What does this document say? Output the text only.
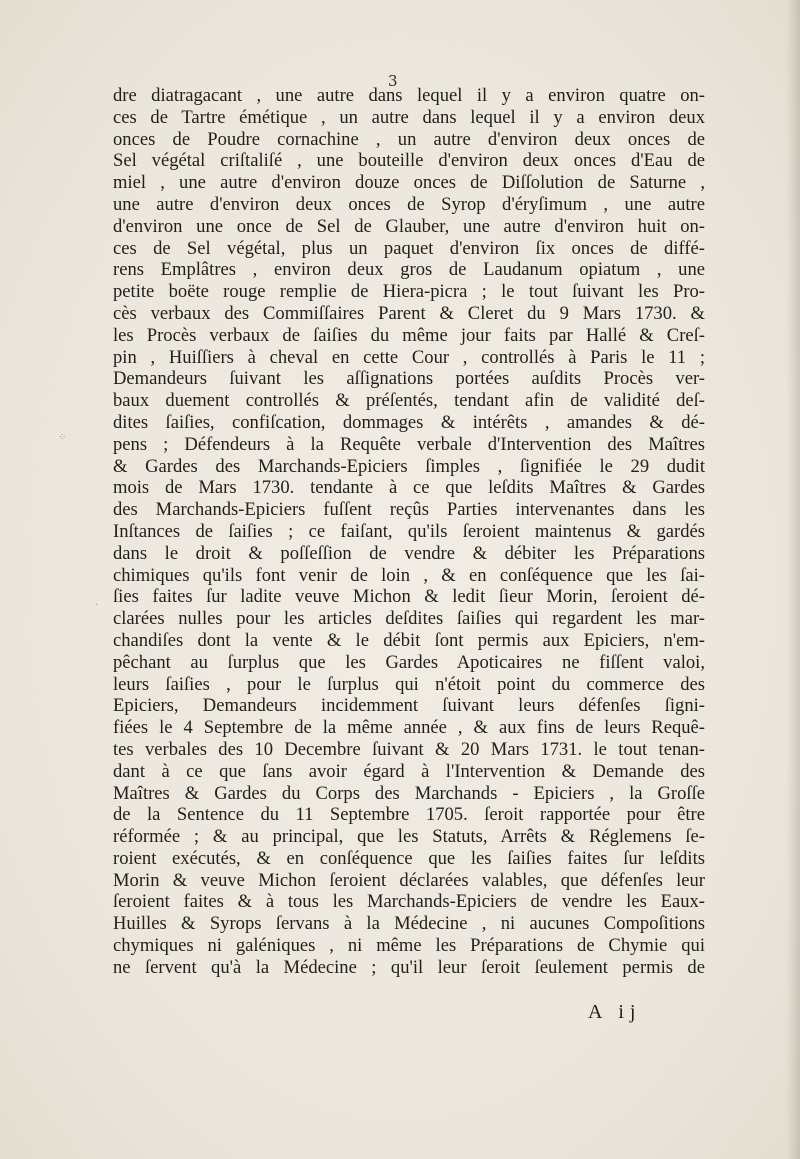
⁘
·
3
dre diatragacant , une autre dans lequel il y a environ quatre on-
ces de Tartre émétique , un autre dans lequel il y a environ deux
onces de Poudre cornachine , un autre d'environ deux onces de
Sel végétal criſtaliſé , une bouteille d'environ deux onces d'Eau de
miel , une autre d'environ douze onces de Diſſolution de Saturne ,
une autre d'environ deux onces de Syrop d'éryſimum , une autre
d'environ une once de Sel de Glauber, une autre d'environ huit on-
ces de Sel végétal, plus un paquet d'environ ſix onces de diffé-
rens Emplâtres , environ deux gros de Laudanum opiatum , une
petite boëte rouge remplie de Hiera-picra ; le tout ſuivant les Pro-
cès verbaux des Commiſſaires Parent & Cleret du 9 Mars 1730. &
les Procès verbaux de ſaiſies du même jour faits par Hallé & Creſ-
pin , Huiſſiers à cheval en cette Cour , controllés à Paris le 11 ;
Demandeurs ſuivant les aſſignations portées auſdits Procès ver-
baux duement controllés & préſentés, tendant afin de validité deſ-
dites ſaiſies, confiſcation, dommages & intérêts , amandes & dé-
pens ; Défendeurs à la Requête verbale d'Intervention des Maîtres
& Gardes des Marchands-Epiciers ſimples , ſignifiée le 29 dudit
mois de Mars 1730. tendante à ce que leſdits Maîtres & Gardes
des Marchands-Epiciers fuſſent reçûs Parties intervenantes dans les
Inſtances de ſaiſies ; ce faiſant, qu'ils ſeroient maintenus & gardés
dans le droit & poſſeſſion de vendre & débiter les Préparations
chimiques qu'ils font venir de loin , & en conſéquence que les ſai-
ſies faites ſur ladite veuve Michon & ledit ſieur Morin, ſeroient dé-
clarées nulles pour les articles deſdites ſaiſies qui regardent les mar-
chandiſes dont la vente & le débit ſont permis aux Epiciers, n'em-
pêchant au ſurplus que les Gardes Apoticaires ne fiſſent valoi,
leurs ſaiſies , pour le ſurplus qui n'étoit point du commerce des
Epiciers, Demandeurs incidemment ſuivant leurs défenſes ſigni-
fiées le 4 Septembre de la même année , & aux fins de leurs Requê-
tes verbales des 10 Decembre ſuivant & 20 Mars 1731. le tout tenan-
dant à ce que ſans avoir égard à l'Intervention & Demande des
Maîtres & Gardes du Corps des Marchands - Epiciers , la Groſſe
de la Sentence du 11 Septembre 1705. ſeroit rapportée pour être
réformée ; & au principal, que les Statuts, Arrêts & Réglemens ſe-
roient exécutés, & en conſéquence que les ſaiſies faites ſur leſdits
Morin & veuve Michon ſeroient déclarées valables, que défenſes leur
ſeroient faites & à tous les Marchands-Epiciers de vendre les Eaux-
Huilles & Syrops ſervans à la Médecine , ni aucunes Compoſitions
chymiques ni galéniques , ni même les Préparations de Chymie qui
ne ſervent qu'à la Médecine ; qu'il leur ſeroit ſeulement permis de
A ij
